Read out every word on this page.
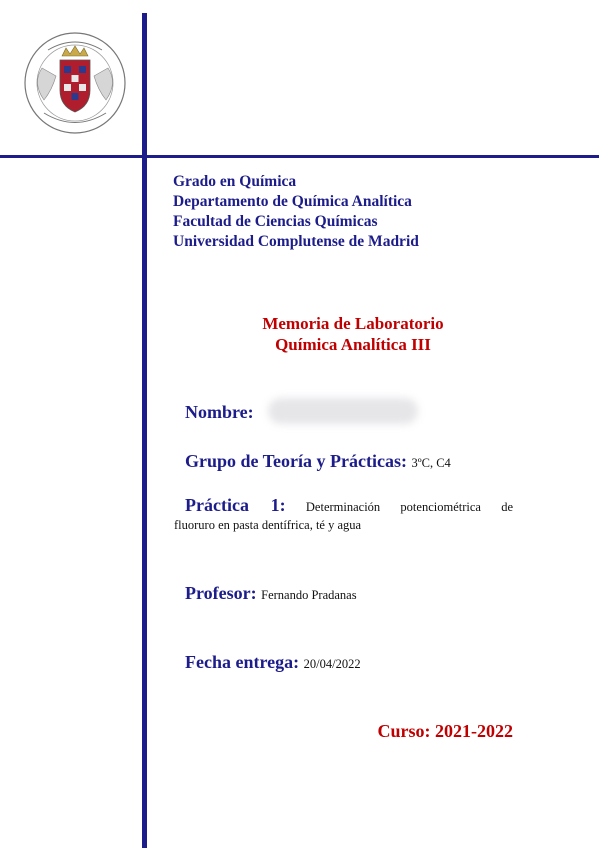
Grado en Química
Departamento de Química Analítica
Facultad de Ciencias Químicas
Universidad Complutense de Madrid
Memoria de Laboratorio
Química Analítica III
Nombre:
Grupo de Teoría y Prácticas: 3ºC, C4
Práctica 1: Determinación potenciométrica de
fluoruro en pasta dentífrica, té y agua
Profesor: Fernando Pradanas
Fecha entrega: 20/04/2022
Curso: 2021-2022
